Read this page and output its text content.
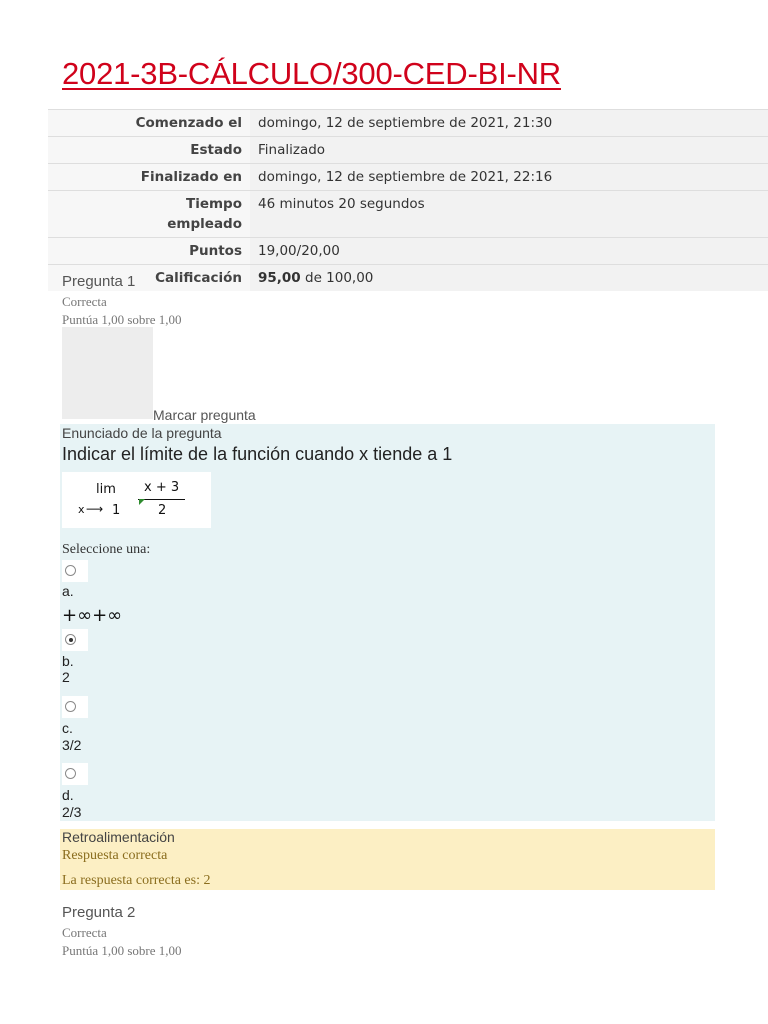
2021-3B-CÁLCULO/300-CED-BI-NR
Comenzado el	domingo, 12 de septiembre de 2021, 21:30
Estado	Finalizado
Finalizado en	domingo, 12 de septiembre de 2021, 22:16
Tiempo empleado	46 minutos 20 segundos
Puntos	19,00/20,00
Calificación	95,00 de 100,00
Pregunta 1
Correcta
Puntúa 1,00 sobre 1,00
Marcar pregunta
Enunciado de la pregunta
Indicar el límite de la función cuando x tiende a 1
lim
x ⟶ 1
x + 3
2
Seleccione una:
a.
+∞+∞
b.
2
c.
3/2
d.
2/3
Retroalimentación
Respuesta correcta
La respuesta correcta es: 2
Pregunta 2
Correcta
Puntúa 1,00 sobre 1,00
